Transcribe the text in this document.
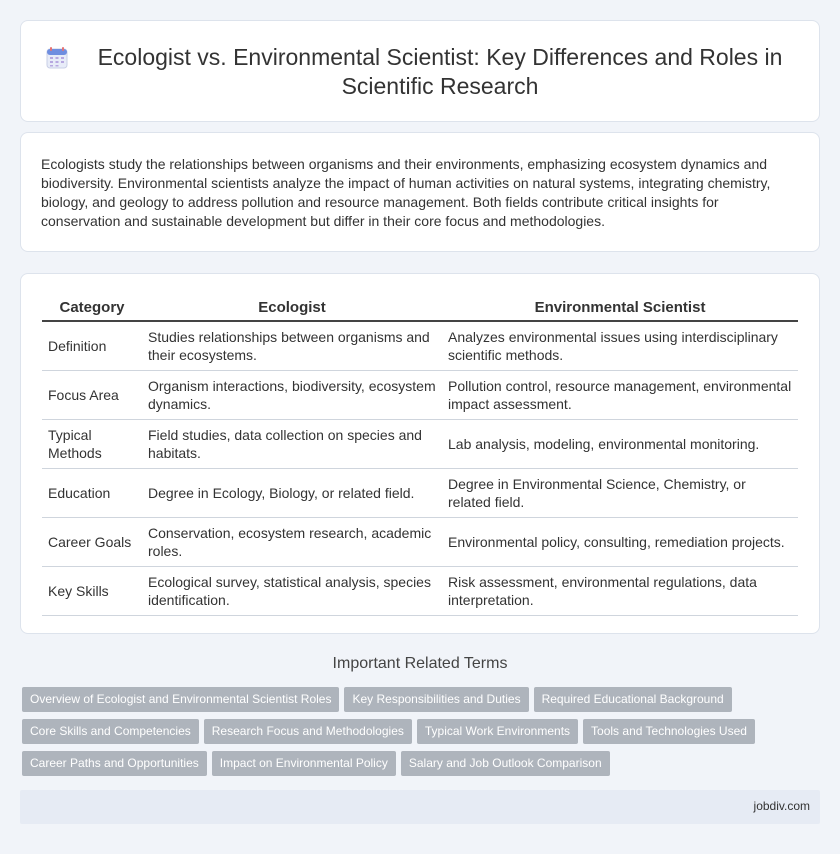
Ecologist vs. Environmental Scientist: Key Differences and Roles in Scientific Research

Ecologists study the relationships between organisms and their environments, emphasizing ecosystem dynamics and biodiversity. Environmental scientists analyze the impact of human activities on natural systems, integrating chemistry, biology, and geology to address pollution and resource management. Both fields contribute critical insights for conservation and sustainable development but differ in their core focus and methodologies.

Category	Ecologist	Environmental Scientist
Definition	Studies relationships between organisms and their ecosystems.	Analyzes environmental issues using interdisciplinary scientific methods.
Focus Area	Organism interactions, biodiversity, ecosystem dynamics.	Pollution control, resource management, environmental impact assessment.
Typical Methods	Field studies, data collection on species and habitats.	Lab analysis, modeling, environmental monitoring.
Education	Degree in Ecology, Biology, or related field.	Degree in Environmental Science, Chemistry, or related field.
Career Goals	Conservation, ecosystem research, academic roles.	Environmental policy, consulting, remediation projects.
Key Skills	Ecological survey, statistical analysis, species identification.	Risk assessment, environmental regulations, data interpretation.
Important Related Terms
Overview of Ecologist and Environmental Scientist Roles Key Responsibilities and Duties Required Educational Background
Core Skills and Competencies Research Focus and Methodologies Typical Work Environments Tools and Technologies Used
Career Paths and Opportunities Impact on Environmental Policy Salary and Job Outlook Comparison
jobdiv.com
